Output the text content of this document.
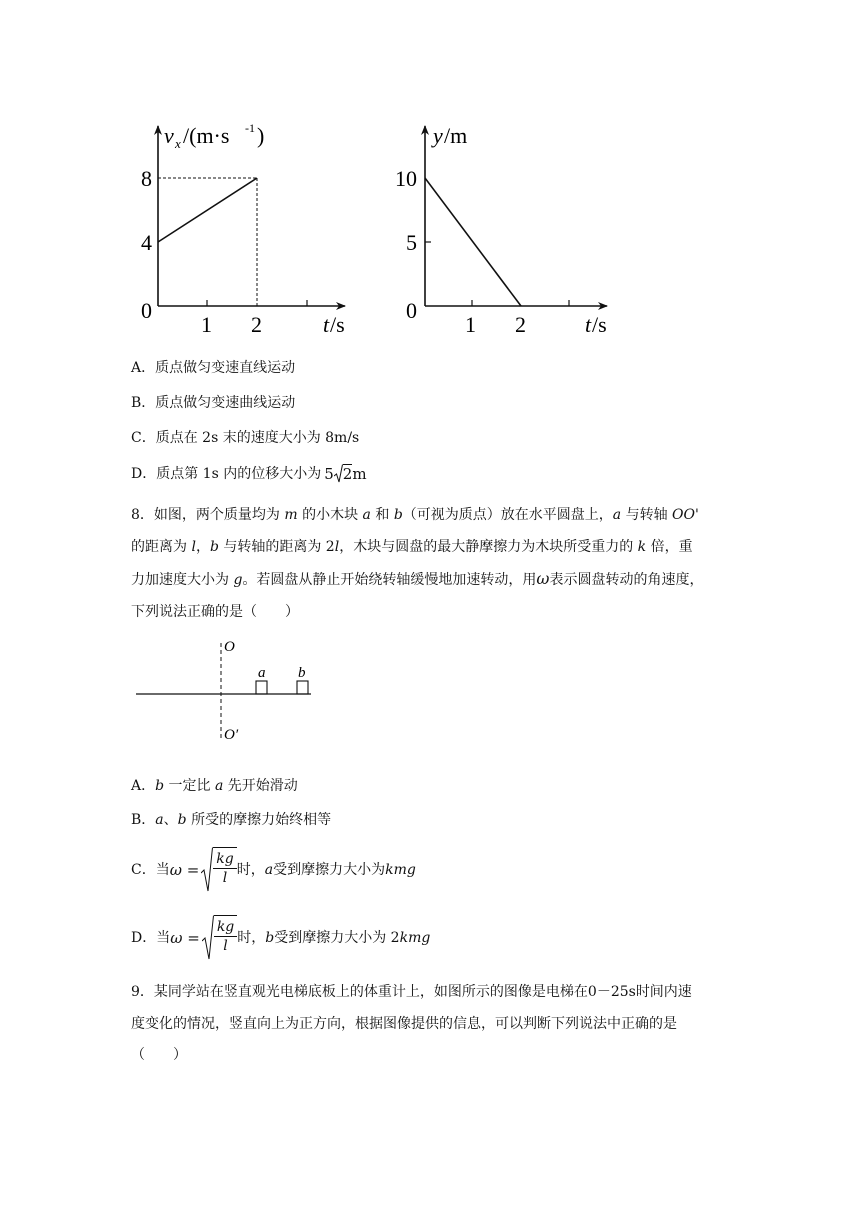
v x /(m·s -1 )
8
4
0
1 2	t /s
y /m
10
5
0
1 2	t /s
A．质点做匀变速直线运动
B．质点做匀变速曲线运动
C．质点在 2s 末的速度大小为 8m/s
D．质点第 1s 内的位移大小为 5 2 m
8．如图，两个质量均为 m 的小木块 a 和 b（可视为质点）放在水平圆盘上，a 与转轴 OO'
的距离为 l，b 与转轴的距离为 2l，木块与圆盘的最大静摩擦力为木块所受重力的 k 倍，重
力加速度大小为 g。若圆盘从静止开始绕转轴缓慢地加速转动，用ω表示圆盘转动的角速度，
下列说法正确的是（　　）
O
O′
a b
A．b 一定比 a 先开始滑动
B．a、b 所受的摩擦力始终相等
C．当 $\omega = \frac{kg}{l}$ 时， a 受到摩擦力大小为 kmg
D．当 $\omega = \frac{kg}{l}$ 时， b 受到摩擦力大小为 2 kmg
9．某同学站在竖直观光电梯底板上的体重计上，如图所示的图像是电梯在0－25s时间内速
度变化的情况，竖直向上为正方向，根据图像提供的信息，可以判断下列说法中正确的是
（　　）
